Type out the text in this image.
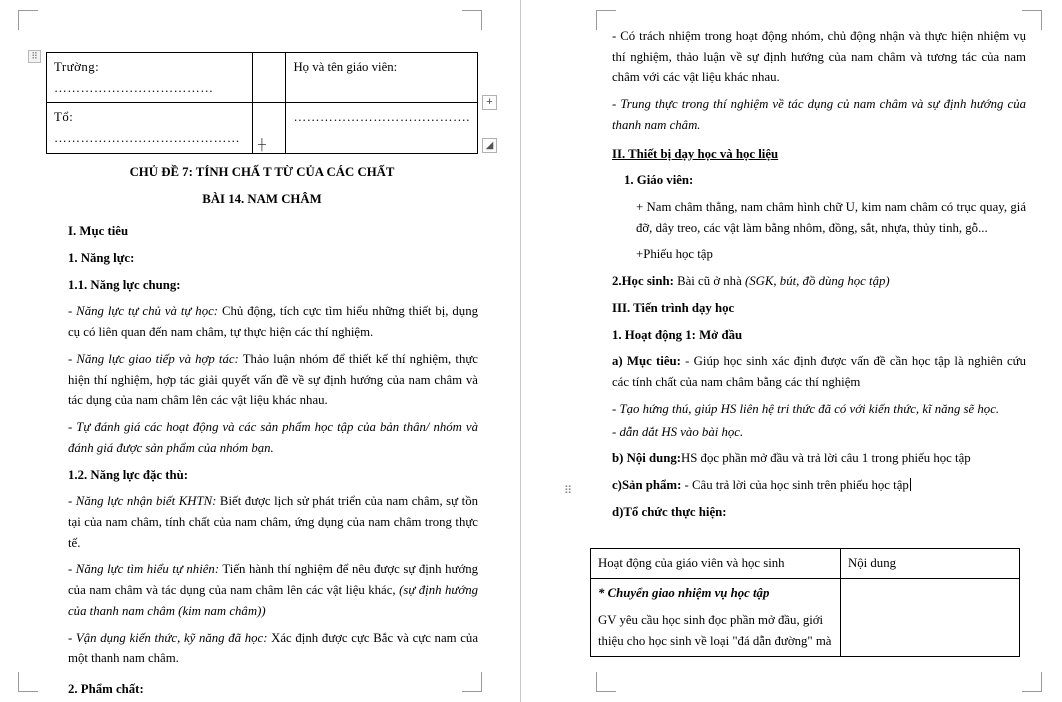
Trường: ………………………………		Họ và tên giáo viên:
Tổ: ……………………………………		………………………………….

CHỦ ĐỀ 7: TÍNH CHẤ T TỪ CỦA CÁC CHẤT

BÀI 14. NAM CHÂM

I. Mục tiêu

1. Năng lực:

1.1. Năng lực chung:

- Năng lực tự chủ và tự học: Chủ động, tích cực tìm hiểu những thiết bị, dụng cụ có liên quan đến nam châm, tự thực hiện các thí nghiệm.

- Năng lực giao tiếp và hợp tác: Thảo luận nhóm để thiết kế thí nghiệm, thực hiện thí nghiệm, hợp tác giải quyết vấn đề về sự định hướng của nam châm và tác dụng của nam châm lên các vật liệu khác nhau.

- Tự đánh giá các hoạt động và các sản phẩm học tập của bản thân/ nhóm và đánh giá được sản phẩm của nhóm bạn.

1.2. Năng lực đặc thù:

- Năng lực nhận biết KHTN: Biết được lịch sử phát triển của nam châm, sự tồn tại của nam châm, tính chất của nam châm, ứng dụng của nam châm trong thực tế.

- Năng lực tìm hiểu tự nhiên: Tiến hành thí nghiệm để nêu được sự định hướng của nam châm và tác dụng của nam châm lên các vật liệu khác, (sự định hướng của thanh nam châm (kim nam châm))

- Vận dụng kiến thức, kỹ năng đã học: Xác định được cực Bắc và cực nam của một thanh nam châm.

2. Phẩm chất:

- Có trách nhiệm trong hoạt động nhóm, chủ động nhận và thực hiện nhiệm vụ thí nghiệm, thảo luận về sự định hướng của nam châm và tương tác của nam châm với các vật liệu khác nhau.

- Trung thực trong thí nghiệm về tác dụng củ nam châm và sự định hướng của thanh nam châm.

II. Thiết bị dạy học và học liệu

1. Giáo viên:

+ Nam châm thẳng, nam châm hình chữ U, kim nam châm có trục quay, giá đỡ, dây treo, các vật làm bằng nhôm, đồng, sắt, nhựa, thủy tinh, gỗ...

+Phiếu học tập

2.Học sinh: Bài cũ ở nhà (SGK, bút, đồ dùng học tập)

III. Tiến trình dạy học

1. Hoạt động 1: Mở đầu

a) Mục tiêu: - Giúp học sinh xác định được vấn đề cần học tập là nghiên cứu các tính chất của nam châm bằng các thí nghiệm

- Tạo hứng thú, giúp HS liên hệ tri thức đã có với kiến thức, kĩ năng sẽ học.

- dẫn dắt HS vào bài học.

b) Nội dung:HS đọc phần mở đầu và trả lời câu 1 trong phiếu học tập

c)Sản phẩm: - Câu trả lời của học sinh trên phiếu học tập

d)Tổ chức thực hiện:

Hoạt động của giáo viên và học sinh	Nội dung

* Chuyển giao nhiệm vụ học tập

GV yêu cầu học sinh đọc phần mở đầu, giới thiệu cho học sinh về loại "đá dẫn đường" mà	

⠿
⠿
+
◢
┼
